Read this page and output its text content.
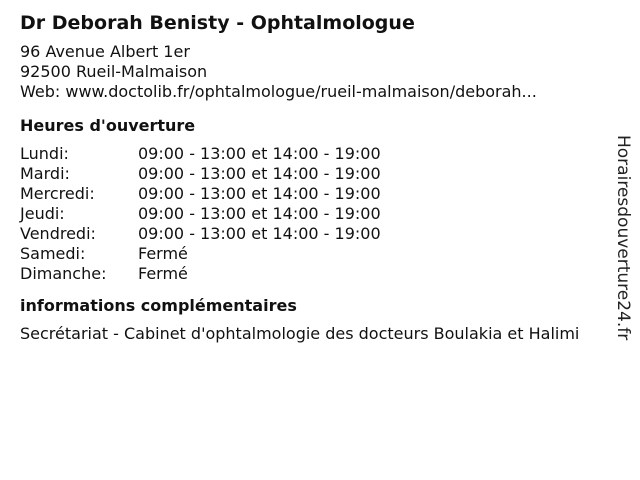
Dr Deborah Benisty - Ophtalmologue
96 Avenue Albert 1er
92500 Rueil-Malmaison
Web: www.doctolib.fr/ophtalmologue/rueil-malmaison/deborah...
Heures d'ouverture
Lundi:	09:00 - 13:00 et 14:00 - 19:00
Mardi:	09:00 - 13:00 et 14:00 - 19:00
Mercredi:	09:00 - 13:00 et 14:00 - 19:00
Jeudi:	09:00 - 13:00 et 14:00 - 19:00
Vendredi:	09:00 - 13:00 et 14:00 - 19:00
Samedi:	Fermé
Dimanche:	Fermé
informations complémentaires
Secrétariat - Cabinet d'ophtalmologie des docteurs Boulakia et Halimi	Horairesdouverture24.fr
